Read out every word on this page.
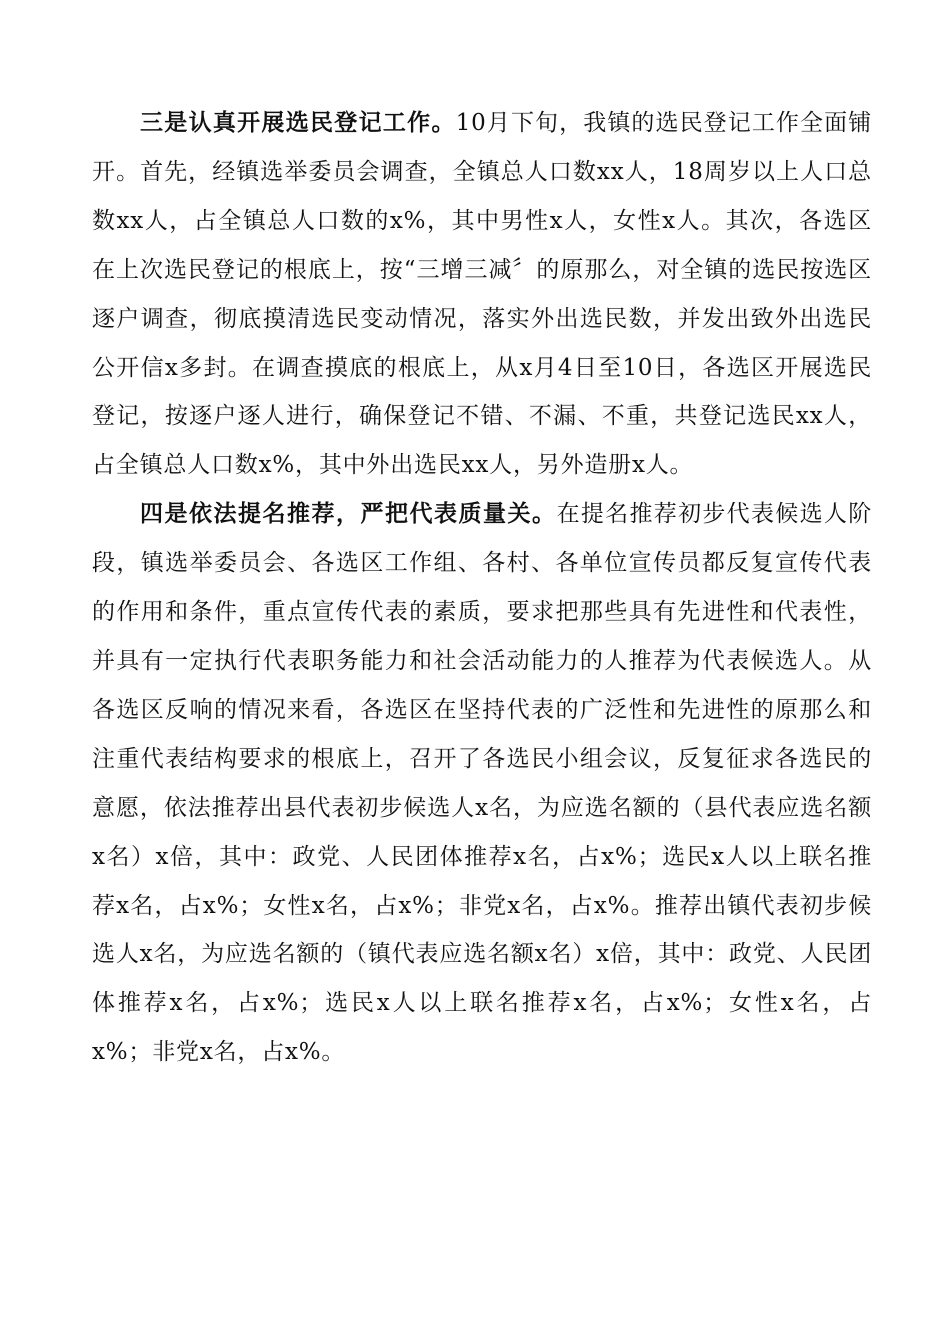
三是认真开展选民登记工作。10月下旬，我镇的选民登记工作全面铺开。首先，经镇选举委员会调查，全镇总人口数xx人，18周岁以上人口总数xx人，占全镇总人口数的x%，其中男性x人，女性x人。其次，各选区在上次选民登记的根底上，按“三增三减〞的原那么，对全镇的选民按选区逐户调查，彻底摸清选民变动情况，落实外出选民数，并发出致外出选民公开信x多封。在调查摸底的根底上，从x月4日至10日，各选区开展选民登记，按逐户逐人进行，确保登记不错、不漏、不重，共登记选民xx人，占全镇总人口数x%，其中外出选民xx人，另外造册x人。

四是依法提名推荐，严把代表质量关。在提名推荐初步代表候选人阶段，镇选举委员会、各选区工作组、各村、各单位宣传员都反复宣传代表的作用和条件，重点宣传代表的素质，要求把那些具有先进性和代表性，并具有一定执行代表职务能力和社会活动能力的人推荐为代表候选人。从各选区反响的情况来看，各选区在坚持代表的广泛性和先进性的原那么和注重代表结构要求的根底上，召开了各选民小组会议，反复征求各选民的意愿，依法推荐出县代表初步候选人x名，为应选名额的（县代表应选名额x名）x倍，其中：政党、人民团体推荐x名，占x%；选民x人以上联名推荐x名，占x%；女性x名，占x%；非党x名，占x%。推荐出镇代表初步候选人x名，为应选名额的（镇代表应选名额x名）x倍，其中：政党、人民团体推荐x名，占x%；选民x人以上联名推荐x名，占x%；女性x名，占x%；非党x名，占x%。
